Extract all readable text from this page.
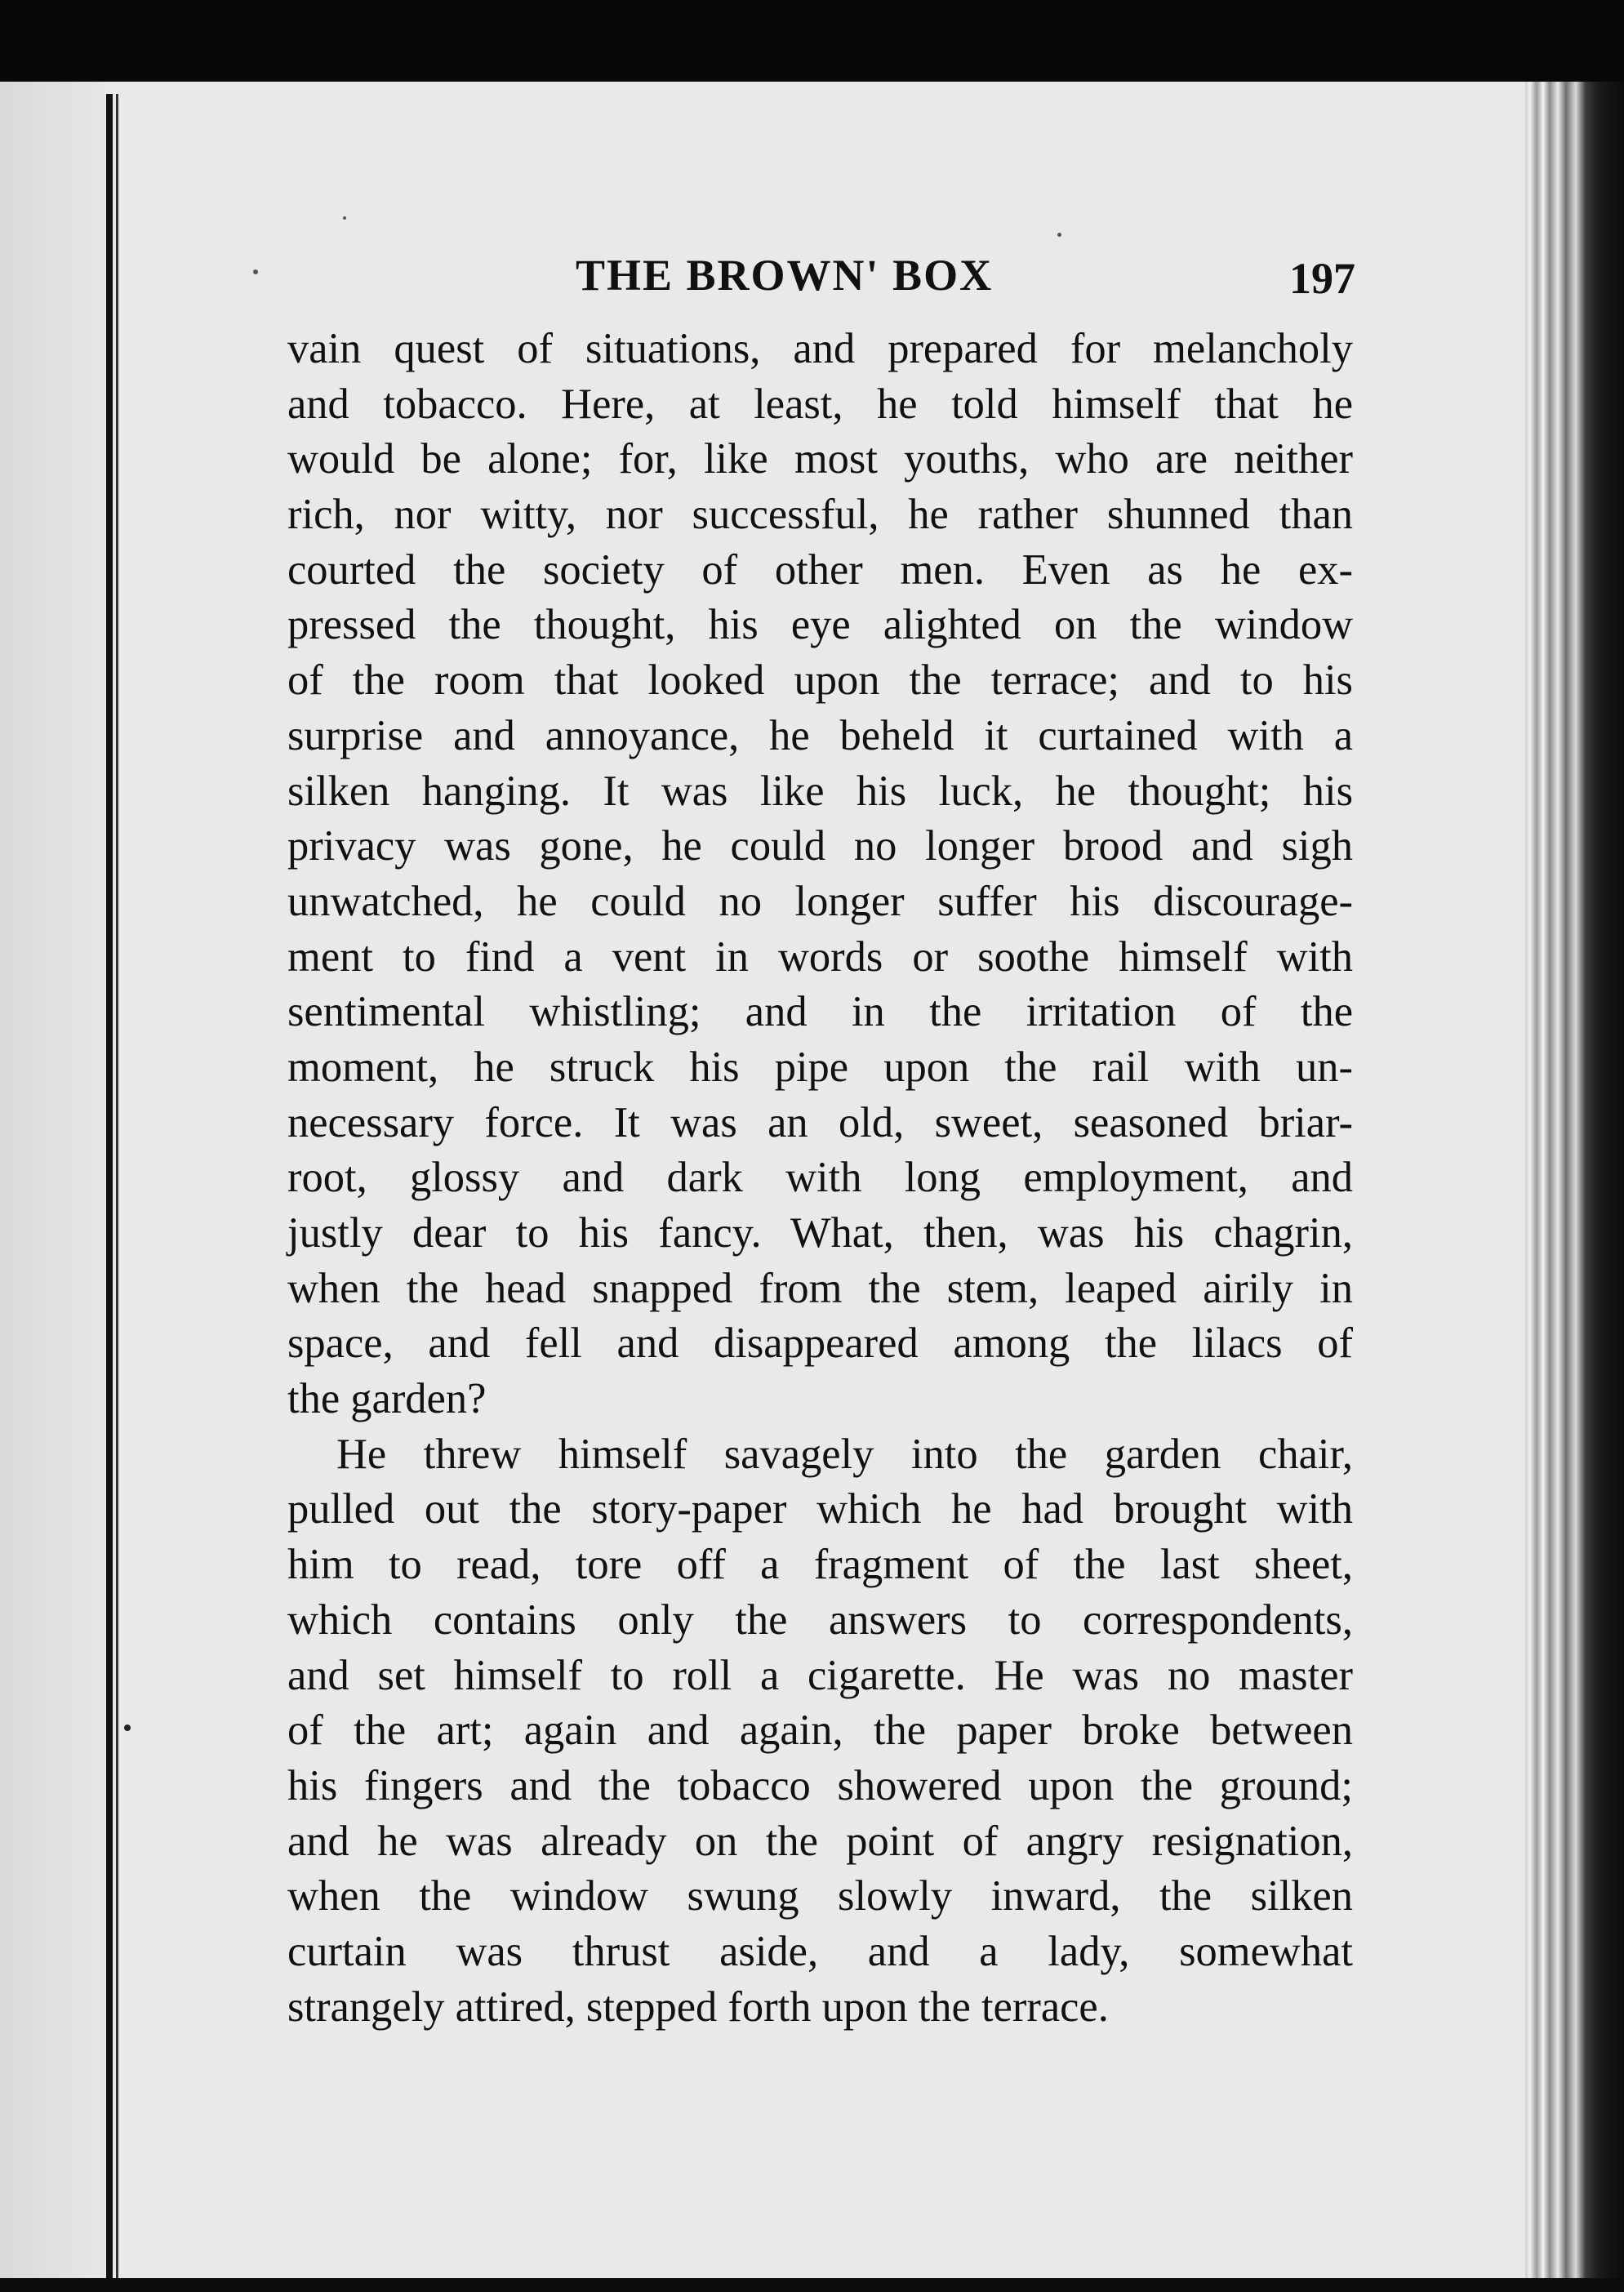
THE BROWN' BOX	197
vain quest of situations, and prepared for melancholy
and tobacco. Here, at least, he told himself that he
would be alone; for, like most youths, who are neither
rich, nor witty, nor successful, he rather shunned than
courted the society of other men. Even as he ex-
pressed the thought, his eye alighted on the window
of the room that looked upon the terrace; and to his
surprise and annoyance, he beheld it curtained with a
silken hanging. It was like his luck, he thought; his
privacy was gone, he could no longer brood and sigh
unwatched, he could no longer suffer his discourage-
ment to find a vent in words or soothe himself with
sentimental whistling; and in the irritation of the
moment, he struck his pipe upon the rail with un-
necessary force. It was an old, sweet, seasoned briar-
root, glossy and dark with long employment, and
justly dear to his fancy. What, then, was his chagrin,
when the head snapped from the stem, leaped airily in
space, and fell and disappeared among the lilacs of
the garden?
He threw himself savagely into the garden chair,
pulled out the story-paper which he had brought with
him to read, tore off a fragment of the last sheet,
which contains only the answers to correspondents,
and set himself to roll a cigarette. He was no master
of the art; again and again, the paper broke between
his fingers and the tobacco showered upon the ground;
and he was already on the point of angry resignation,
when the window swung slowly inward, the silken
curtain was thrust aside, and a lady, somewhat
strangely attired, stepped forth upon the terrace.
